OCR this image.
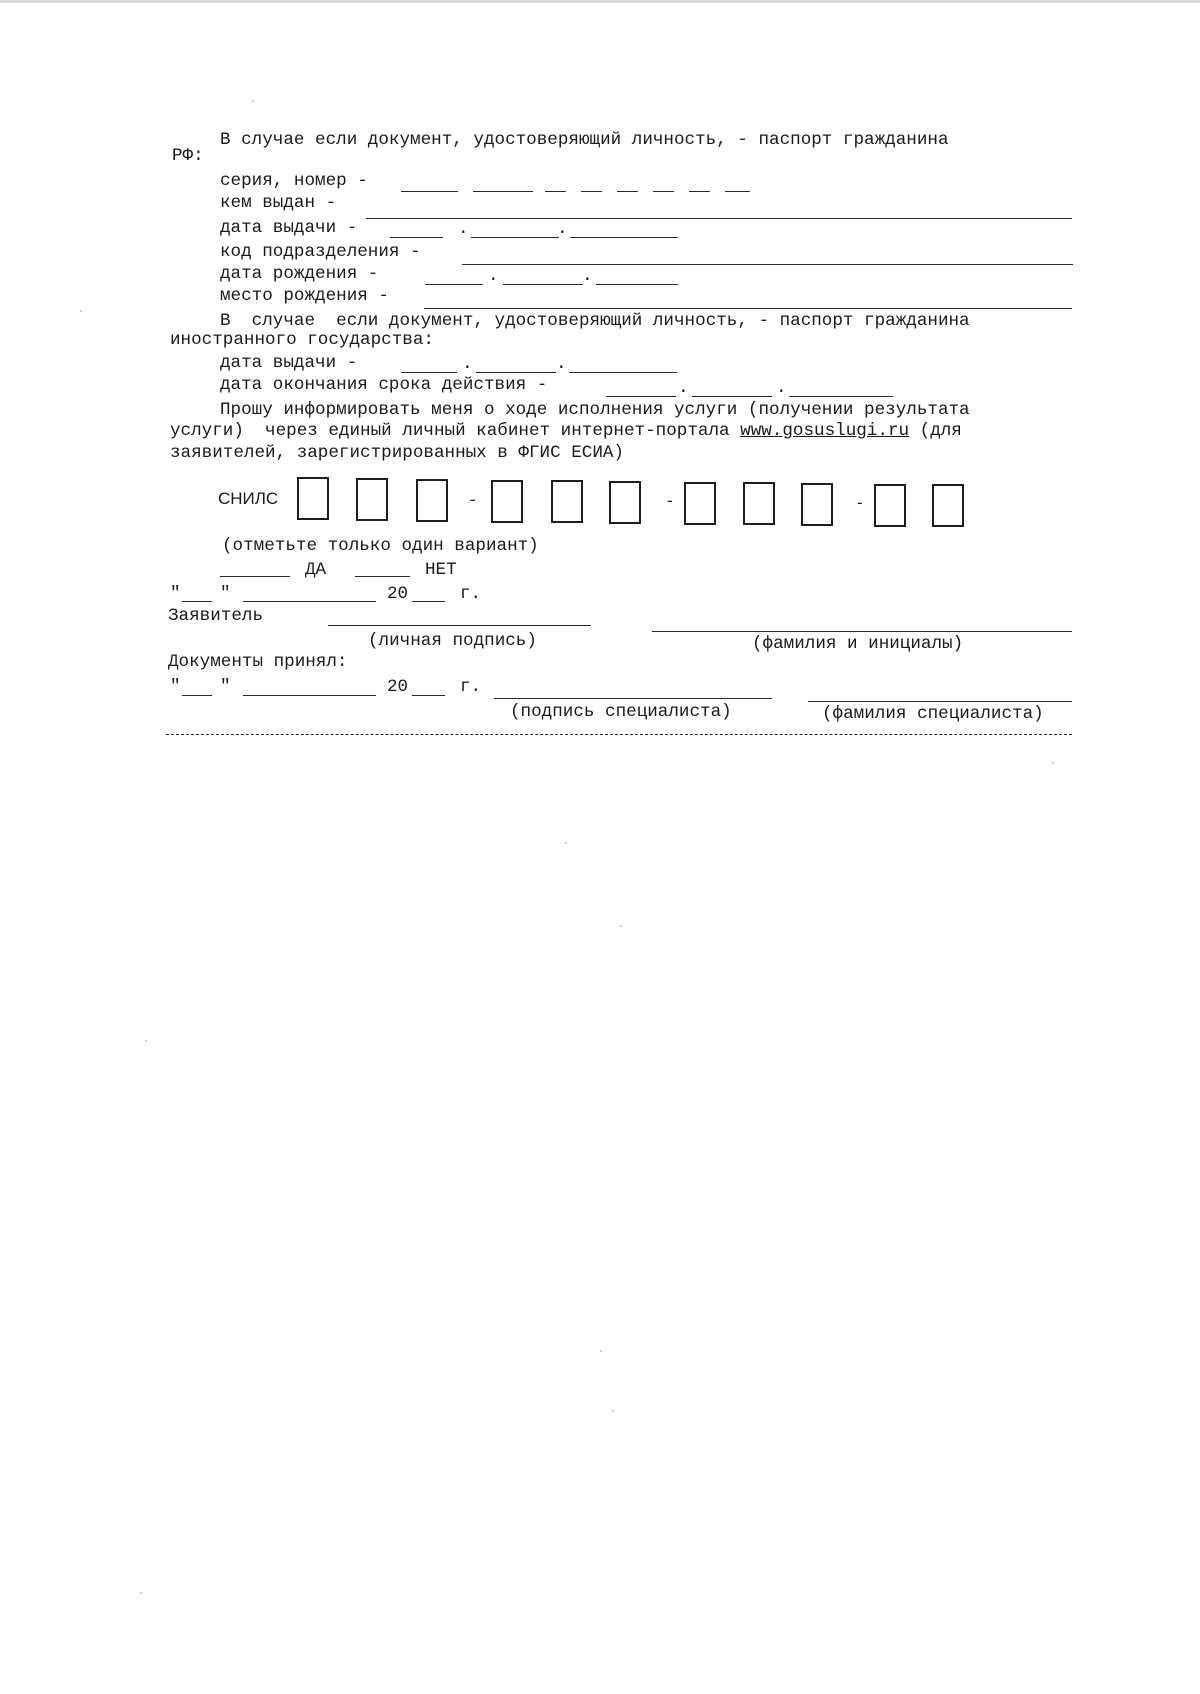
В случае если документ, удостоверяющий личность, - паспорт гражданина
РФ:
серия, номер -
кем выдан -
дата выдачи -	.	.
код подразделения -
дата рождения -	.	.
место рождения -
В  случае  если документ, удостоверяющий личность, - паспорт гражданина
иностранного государства:
дата выдачи -	.	.
дата окончания срока действия -	.	.
Прошу информировать меня о ходе исполнения услуги (получении результата
услуги)  через единый личный кабинет интернет-портала www.gosuslugi.ru (для
заявителей, зарегистрированных в ФГИС ЕСИА)
СНИЛС	-	-	-
(отметьте только один вариант)
ДА	НЕТ
" "	20	г.
Заявитель
(личная подпись)	(фамилия и инициалы)
Документы принял:
" "	20	г.
(подпись специалиста)	(фамилия специалиста)
